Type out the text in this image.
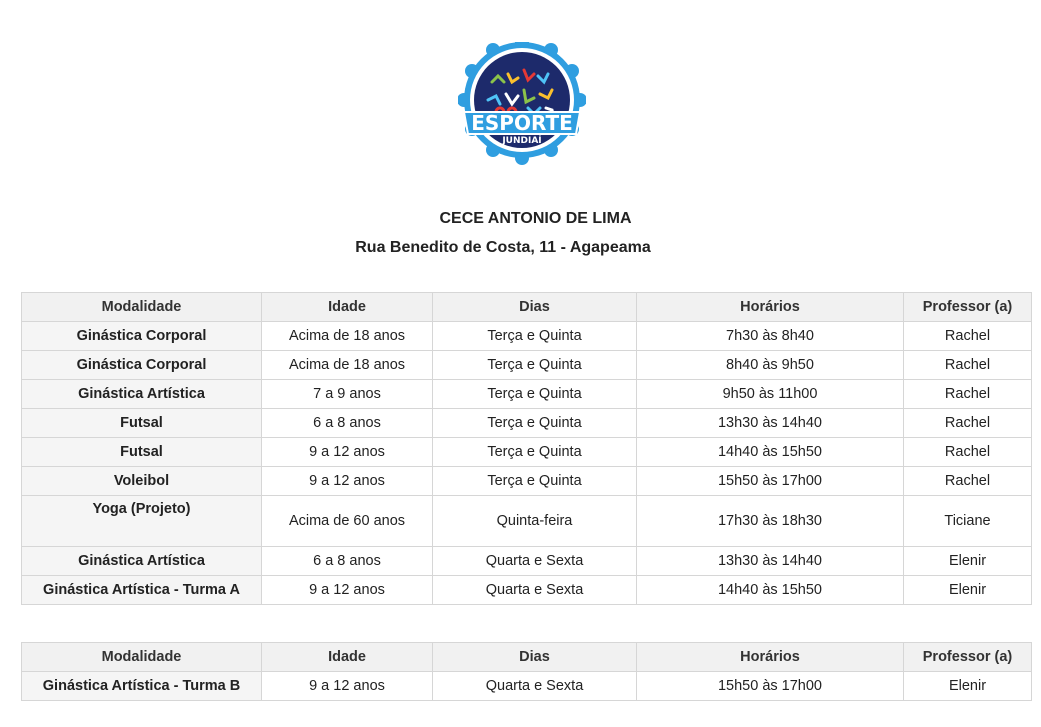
ESPORTE
JUNDIAÍ
CECE ANTONIO DE LIMA
Rua Benedito de Costa, 11 - Agapeama
Modalidade	Idade	Dias	Horários	Professor (a)
Ginástica Corporal	Acima de 18 anos	Terça e Quinta	7h30 às 8h40	Rachel
Ginástica Corporal	Acima de 18 anos	Terça e Quinta	8h40 às 9h50	Rachel
Ginástica Artística	7 a 9 anos	Terça e Quinta	9h50 às 11h00	Rachel
Futsal	6 a 8 anos	Terça e Quinta	13h30 às 14h40	Rachel
Futsal	9 a 12 anos	Terça e Quinta	14h40 às 15h50	Rachel
Voleibol	9 a 12 anos	Terça e Quinta	15h50 às 17h00	Rachel
Yoga (Projeto)	Acima de 60 anos	Quinta-feira	17h30 às 18h30	Ticiane
Ginástica Artística	6 a 8 anos	Quarta e Sexta	13h30 às 14h40	Elenir
Ginástica Artística - Turma A	9 a 12 anos	Quarta e Sexta	14h40 às 15h50	Elenir
Modalidade	Idade	Dias	Horários	Professor (a)
Ginástica Artística - Turma B	9 a 12 anos	Quarta e Sexta	15h50 às 17h00	Elenir
